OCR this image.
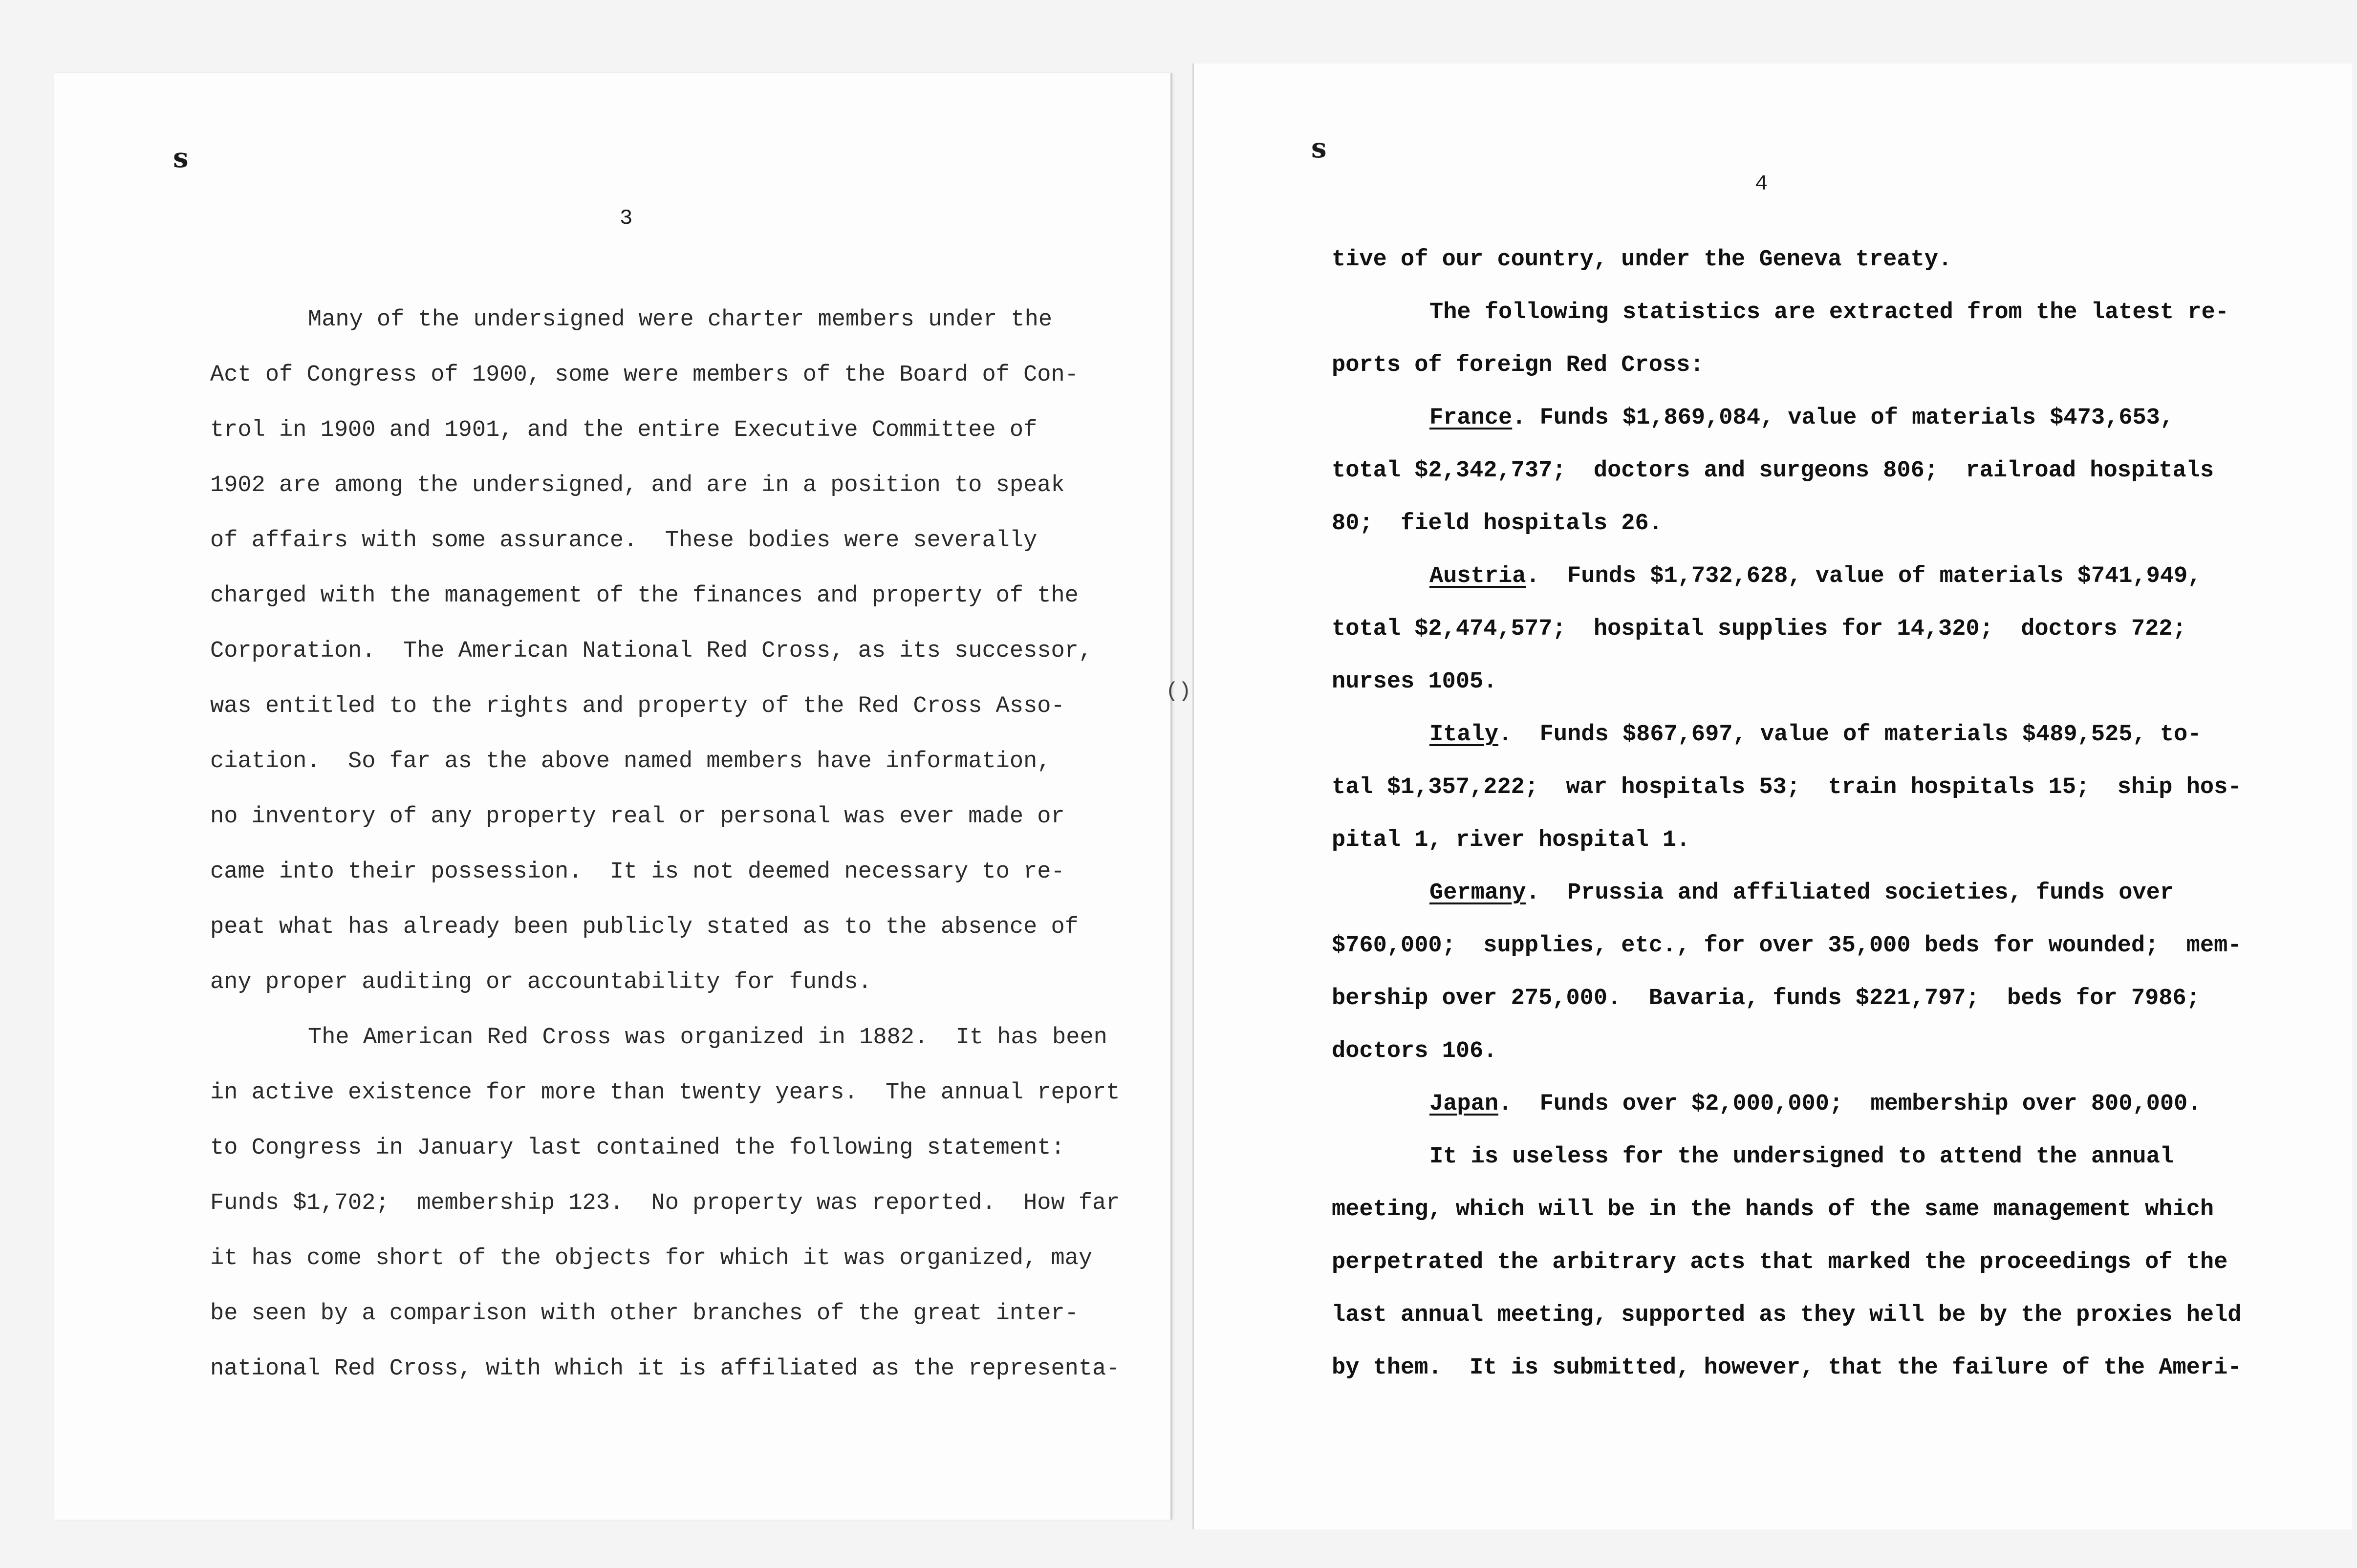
s
3
Many of the undersigned were charter members under the
Act of Congress of 1900, some were members of the Board of Con-
trol in 1900 and 1901, and the entire Executive Committee of
1902 are among the undersigned, and are in a position to speak
of affairs with some assurance.  These bodies were severally
charged with the management of the finances and property of the
Corporation.  The American National Red Cross, as its successor,
was entitled to the rights and property of the Red Cross Asso-
ciation.  So far as the above named members have information,
no inventory of any property real or personal was ever made or
came into their possession.  It is not deemed necessary to re-
peat what has already been publicly stated as to the absence of
any proper auditing or accountability for funds.
The American Red Cross was organized in 1882.  It has been
in active existence for more than twenty years.  The annual report
to Congress in January last contained the following statement:
Funds $1,702;  membership 123.  No property was reported.  How far
it has come short of the objects for which it was organized, may
be seen by a comparison with other branches of the great inter-
national Red Cross, with which it is affiliated as the representa-
()
s
4
tive of our country, under the Geneva treaty.
The following statistics are extracted from the latest re-
ports of foreign Red Cross:
France. Funds $1,869,084, value of materials $473,653,
total $2,342,737;  doctors and surgeons 806;  railroad hospitals
80;  field hospitals 26.
Austria.  Funds $1,732,628, value of materials $741,949,
total $2,474,577;  hospital supplies for 14,320;  doctors 722;
nurses 1005.
Italy.  Funds $867,697, value of materials $489,525, to-
tal $1,357,222;  war hospitals 53;  train hospitals 15;  ship hos-
pital 1, river hospital 1.
Germany.  Prussia and affiliated societies, funds over
$760,000;  supplies, etc., for over 35,000 beds for wounded;  mem-
bership over 275,000.  Bavaria, funds $221,797;  beds for 7986;
doctors 106.
Japan.  Funds over $2,000,000;  membership over 800,000.
It is useless for the undersigned to attend the annual
meeting, which will be in the hands of the same management which
perpetrated the arbitrary acts that marked the proceedings of the
last annual meeting, supported as they will be by the proxies held
by them.  It is submitted, however, that the failure of the Ameri-
